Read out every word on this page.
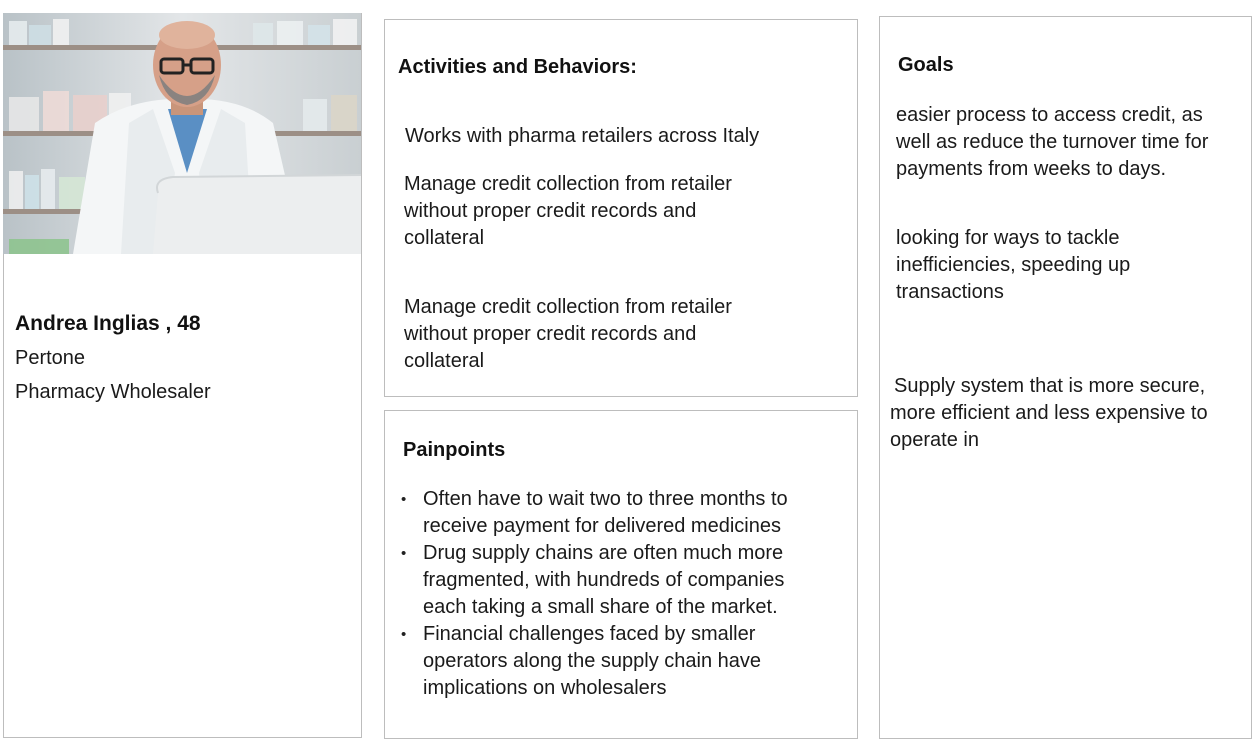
Andrea Inglias , 48
Pertone
Pharmacy Wholesaler
Activities and Behaviors:
Works with pharma retailers across Italy
Manage credit collection from retailer
without proper credit records and
collateral
Manage credit collection from retailer
without proper credit records and
collateral
Painpoints
• Often have to wait two to three months to
receive payment for delivered medicines
• Drug supply chains are often much more
fragmented, with hundreds of companies
each taking a small share of the market.
• Financial challenges faced by smaller
operators along the supply chain have
implications on wholesalers
Goals
easier process to access credit, as
well as reduce the turnover time for
payments from weeks to days.
looking for ways to tackle
inefficiencies, speeding up
transactions
Supply system that is more secure,
more efficient and less expensive to
operate in
